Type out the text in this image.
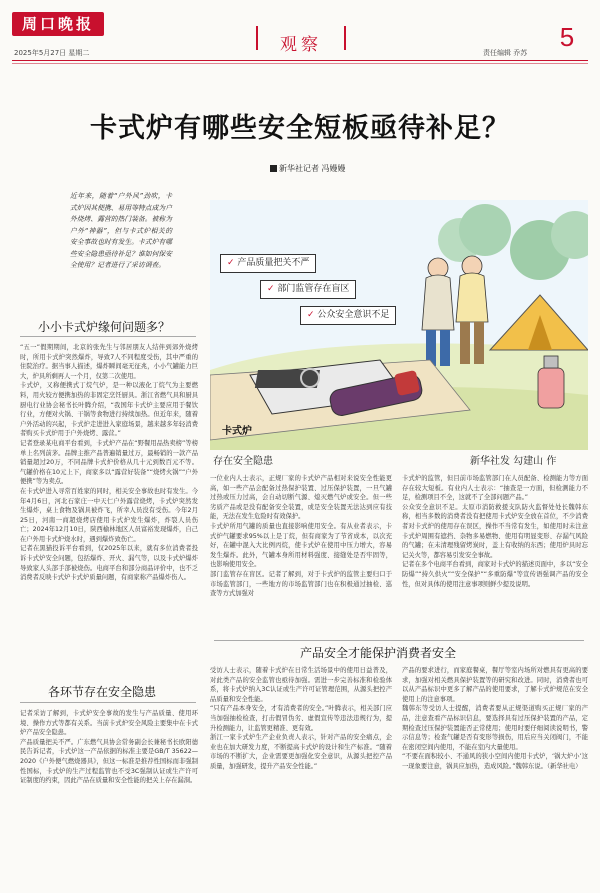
周口晚报
2025年5月27日 星期二	观察	责任编辑 乔苏
5
卡式炉有哪些安全短板亟待补足？
新华社记者 冯嫚嫚
近年来，随着“户外风”劲吹，卡式炉因其便携、易用等特点成为户外烧烤、露营的热门装备。被称为户外“神器”，但与卡式炉相关的安全事故也时有发生。卡式炉有哪些安全隐患亟待补足？谁如何保安全使用？记者进行了采访调查。
小小卡式炉缘何问题多？

“五一”假期期间，北京的张先生与邻居朋友人结伴到郊外烧烤时，所用卡式炉突然爆炸，导致7人不同程度受伤，其中严重的住院治疗。据当事人描述，爆炸瞬间毫无征兆，小小气罐能力巨大，炉具所剩再人一个月，仅第二次使用。

卡式炉，又称便携式丁烷气炉，是一种以液化丁烷气为主要燃料，用火较方便携加热的非固定烹饪厨具。浙江省燃气具和厨具厨电行业协会秘书长叶腾介绍，“我国年卡式炉主要应用于餐饮行业，方便对火锅、干锅等食物进行持续加热。但近年来，随着户外活动的兴起，卡式炉走进进入家庭场景，越来越多年轻消费者购买卡式炉用于户外烧烤、露营。”

记者登录某电商平台看到，卡式炉产品在“野餐用品热卖榜”等榜单上名列前茅。品牌主推产品普遍销量过万，最畅销的一款产品销量超过20万，不同品牌卡式炉价格从几十元到数百元不等。气罐价格在10元上下，商家多以“露营好装备”“烧烤火锅”“户外便携”等为卖点。

在卡式炉进入寻常百姓家的同时，相关安全事故也时有发生。今年4月6日，河北石家庄一中天仁户外露营烧烤，卡式炉突然发生爆炸，桌上食物及锅具被炸飞，所幸人员没有受伤。今年2月25日，河南一商超烧烤店使用卡式炉发生爆炸，炸裂人员伤亡；2024年12月10日，陕西榆林地区人员富裕发现爆炸，自己在户外用卡式炉烧水时，遇到爆炸致伤亡。

记者在黑猫投诉平台看到，仅2025年以来，就有多位消费者投诉卡式炉安全问题，包括爆炸、开火、漏气等，以及卡式炉爆炸导致家人头部手部被烧伤。电商平台和部分商品评价中，也不乏消费者反映卡式炉卡式炉质量问题，有商家称产品爆炸伤人。

各环节存在安全隐患

记者采访了解到，卡式炉安全事故的发生与产品质量、使用环境、操作方式等都有关系。当前卡式炉安全风险主要集中在卡式炉产品安全隐患。

产品质量把关不严。广东燃气具协会常务副会长兼秘书长欧阳德民告诉记者，卡式炉这一产品依据的标准主要是GB/T 35622—2020《户外便气燃烧器具》，但这一标准是推荐性国标而非强制性国标，卡式炉的生产过程监管也不受3C强制认证或生产许可证制度的约束，因此产品在质量和安全性能的把关上存在漏洞。

✓ 产品质量把关不严
✓ 部门监管存在盲区
✓ 公众安全意识不足
卡式炉
存在安全隐患	新华社发 勾建山 作

一位业内人士表示，正规厂家的卡式炉产品相对来说安全性能更高，如一些产品会配备过热保护装置、过压保护装置，一旦气罐过热或压力过高，会自动切断气源、熄灭燃气炉或安全。但一些劣质产品或是没有配备安全装置，或是安全装置无法达到应有技能，无法在发生危险时有效保护。

卡式炉所用气罐的质量也直接影响使用安全。有从业者表示，卡式炉气罐要求95%以上是丁烷，但有商家为了节省成本，以次充好，在罐中混入大比例丙烷，使卡式炉在使用中压力增大，容易发生爆炸。此外，气罐本身所用材料强度、接缝处是否牢固等，也影响使用安全。

部门监管存在盲区。记者了解到，对于卡式炉的监管主要归口于市场监管部门，一些地方的市场监管部门也在积极通过抽检、巡查等方式加强对

卡式炉的监管，但目前市场监管部门在人员配备、检测能力等方面存在较大短板。有业内人士表示：“抽查是一方面，但检测能力不足，检测项目不全，这就不了全部问题产品。”

公众安全意识不足。太原市消防救援支队防火监督处处长魏韩东称，相当多数的消费者没有把使用卡式炉安全放在首位，不少消费者对卡式炉的使用存在误区，操作不当常有发生，如使用时未注意卡式炉周围有遮挡、杂物多易燃物、使用有明显变形、存漏气风险的气罐；在未清理残留烤炭时，盖上有收纳的东西；使用炉具时忘记关火等，都容易引发安全事故。

记者在多个电商平台看到，商家对卡式炉的描述页面中，多以“安全防爆”“持久供火”“安全保护”“多重防爆”等宣传语强调产品的安全性，但对具体的使用注意事项则鲜少提及说明。

产品安全才能保护消费者安全

受访人士表示，随着卡式炉在日常生活场景中的使用日益普及，对此类产品的安全监管也亟待加强。需进一步完善标准和检验体系，将卡式炉纳入3C认证或生产许可证管理范围，从源头把控产品质量和安全性能。

“只有产品本身安全，才有消费者的安全。”叶腾表示，相关部门应当加强抽检检查，打击假冒伪劣、虚假宣传等违法违规行为，提升检测能力，让监管更精准、更有效。

浙江一家卡式炉生产企业负责人表示，针对产品的安全痛点，企业也在加大研发力度，不断提高卡式炉的设计和生产标准。“随着市场的不断扩大，企业需要更加强化安全意识，从源头把控产品质量，加强研发，提升产品安全性能。”

产品的要求进行，而家庭餐桌，餐厅等室内场所对燃具有更高的要求，加强对相关燃具保护装置等的研究和改进。同时，消费者也可以从产品标识中更多了解产品的使用要求，了解卡式炉规范在安全使用上的注意事项。

魏韩东等受访人士提醒，消费者要从正规渠道购买正规厂家的产品，注意查看产品标识信息，要选择具有过压保护装置的产品，定期检查过压保护装置能否正常使用；使用时要仔细阅读说明书，警示信息等；检查气罐是否有变形等损伤，用后应当关闭阀门，不能在密闭空间内使用，不能在室内大量使用。

“不要在面积较小、不通风的狭小空间内使用卡式炉，‘锅大炉小’这一现象要注意，锅具应加热，造成风险。”魏韩东说。（新华社电）
